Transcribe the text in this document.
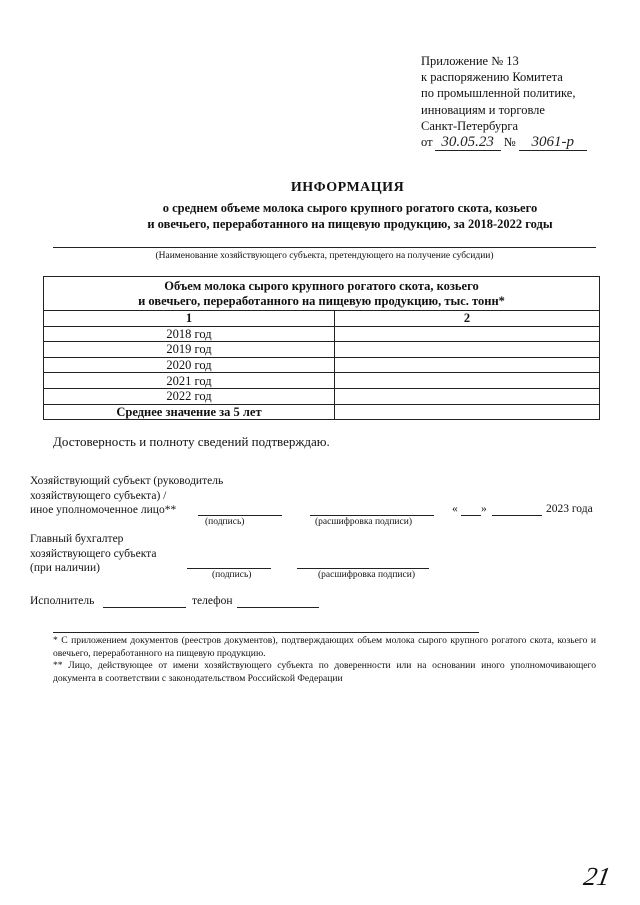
Приложение № 13
к распоряжению Комитета
по промышленной политике,
инновациям и торговле
Санкт-Петербурга
от 30.05.23 № 3061-р
ИНФОРМАЦИЯ
о среднем объеме молока сырого крупного рогатого скота, козьего
и овечьего, переработанного на пищевую продукцию, за 2018-2022 годы
(Наименование хозяйствующего субъекта, претендующего на получение субсидии)
Объем молока сырого крупного рогатого скота, козьего
и овечьего, переработанного на пищевую продукцию, тыс. тонн*	

1	2
2018 год	
2019 год	
2020 год	
2021 год	
2022 год	
Среднее значение за 5 лет	
Достоверность и полноту сведений подтверждаю.
Хозяйствующий субъект (руководитель
хозяйствующего субъекта) /
иное уполномоченное лицо**	« »	2023 года
(подпись)	(расшифровка подписи)
Главный бухгалтер
хозяйствующего субъекта
(при наличии)
(подпись)	(расшифровка подписи)
Исполнитель	телефон
* С приложением документов (реестров документов), подтверждающих объем молока сырого крупного рогатого скота, козьего и овечьего, переработанного на пищевую продукцию.
** Лицо, действующее от имени хозяйствующего субъекта по доверенности или на основании иного уполномочивающего документа в соответствии с законодательством Российской Федерации
21
